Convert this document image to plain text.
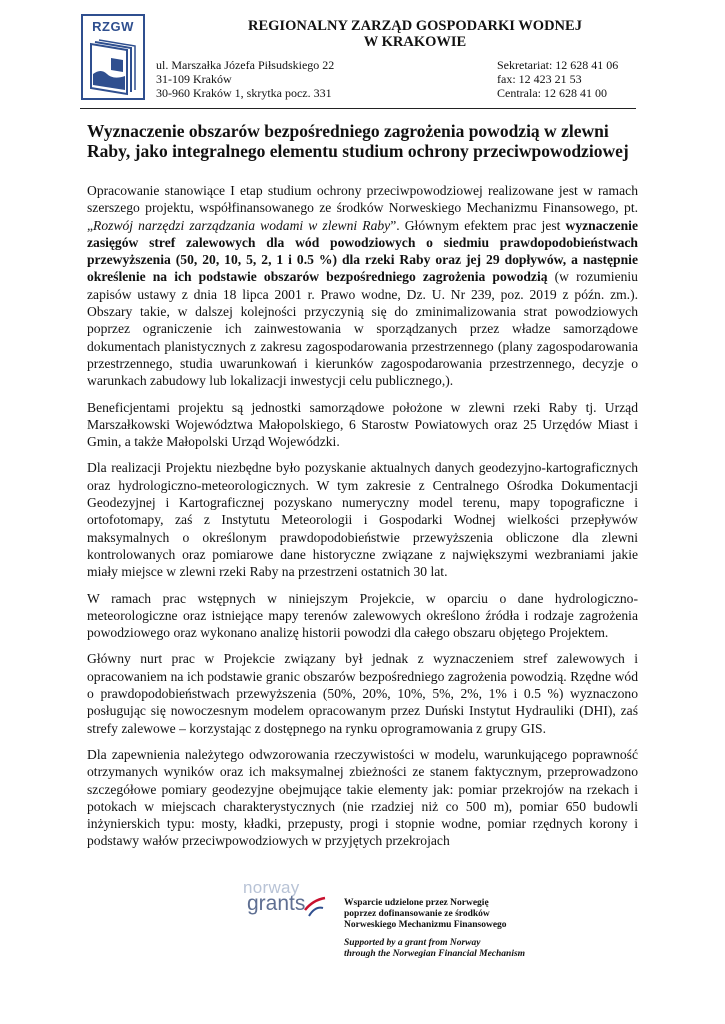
RZGW	REGIONALNY ZARZĄD GOSPODARKI WODNEJ
W KRAKOWIE
ul. Marszałka Józefa Piłsudskiego 22
31-109 Kraków
30-960 Kraków 1, skrytka pocz. 331
Sekretariat: 12 628 41 06
fax: 12 423 21 53
Centrala: 12 628 41 00
Wyznaczenie obszarów bezpośredniego zagrożenia powodzią w zlewni Raby, jako integralnego elementu studium ochrony przeciwpowodziowej

Opracowanie stanowiące I etap studium ochrony przeciwpowodziowej realizowane jest w ramach szerszego projektu, współfinansowanego ze środków Norweskiego Mechanizmu Finansowego, pt. „Rozwój narzędzi zarządzania wodami w zlewni Raby”. Głównym efektem prac jest wyznaczenie zasięgów stref zalewowych dla wód powodziowych o siedmiu prawdopodobieństwach przewyższenia (50, 20, 10, 5, 2, 1 i 0.5 %) dla rzeki Raby oraz jej 29 dopływów, a następnie określenie na ich podstawie obszarów bezpośredniego zagrożenia powodzią (w rozumieniu zapisów ustawy z dnia 18 lipca 2001 r. Prawo wodne, Dz. U. Nr 239, poz. 2019 z późn. zm.). Obszary takie, w dalszej kolejności przyczynią się do zminimalizowania strat powodziowych poprzez ograniczenie ich zainwestowania w sporządzanych przez władze samorządowe dokumentach planistycznych z zakresu zagospodarowania przestrzennego (plany zagospodarowania przestrzennego, studia uwarunkowań i kierunków zagospodarowania przestrzennego, decyzje o warunkach zabudowy lub lokalizacji inwestycji celu publicznego,).

Beneficjentami projektu są jednostki samorządowe położone w zlewni rzeki Raby tj. Urząd Marszałkowski Województwa Małopolskiego, 6 Starostw Powiatowych oraz 25 Urzędów Miast i Gmin, a także Małopolski Urząd Wojewódzki.

Dla realizacji Projektu niezbędne było pozyskanie aktualnych danych geodezyjno-kartograficznych oraz hydrologiczno-meteorologicznych. W tym zakresie z Centralnego Ośrodka Dokumentacji Geodezyjnej i Kartograficznej pozyskano numeryczny model terenu, mapy topograficzne i ortofotomapy, zaś z Instytutu Meteorologii i Gospodarki Wodnej wielkości przepływów maksymalnych o określonym prawdopodobieństwie przewyższenia obliczone dla zlewni kontrolowanych oraz pomiarowe dane historyczne związane z największymi wezbraniami jakie miały miejsce w zlewni rzeki Raby na przestrzeni ostatnich 30 lat.

W ramach prac wstępnych w niniejszym Projekcie, w oparciu o dane hydrologiczno-meteorologiczne oraz istniejące mapy terenów zalewowych określono źródła i rodzaje zagrożenia powodziowego oraz wykonano analizę historii powodzi dla całego obszaru objętego Projektem.

Główny nurt prac w Projekcie związany był jednak z wyznaczeniem stref zalewowych i opracowaniem na ich podstawie granic obszarów bezpośredniego zagrożenia powodzią. Rzędne wód o prawdopodobieństwach przewyższenia (50%, 20%, 10%, 5%, 2%, 1% i 0.5 %) wyznaczono posługując się nowoczesnym modelem opracowanym przez Duński Instytut Hydrauliki (DHI), zaś strefy zalewowe – korzystając z dostępnego na rynku oprogramowania z grupy GIS.

Dla zapewnienia należytego odwzorowania rzeczywistości w modelu, warunkującego poprawność otrzymanych wyników oraz ich maksymalnej zbieżności ze stanem faktycznym, przeprowadzono szczegółowe pomiary geodezyjne obejmujące takie elementy jak: pomiar przekrojów na rzekach i potokach w miejscach charakterystycznych (nie rzadziej niż co 500 m), pomiar 650 budowli inżynierskich typu: mosty, kładki, przepusty, progi i stopnie wodne, pomiar rzędnych korony i podstawy wałów przeciwpowodziowych w przyjętych przekrojach

norway
grants	Wsparcie udzielone przez Norwegię
poprzez dofinansowanie ze środków
Norweskiego Mechanizmu Finansowego
Supported by a grant from Norway
through the Norwegian Financial Mechanism
